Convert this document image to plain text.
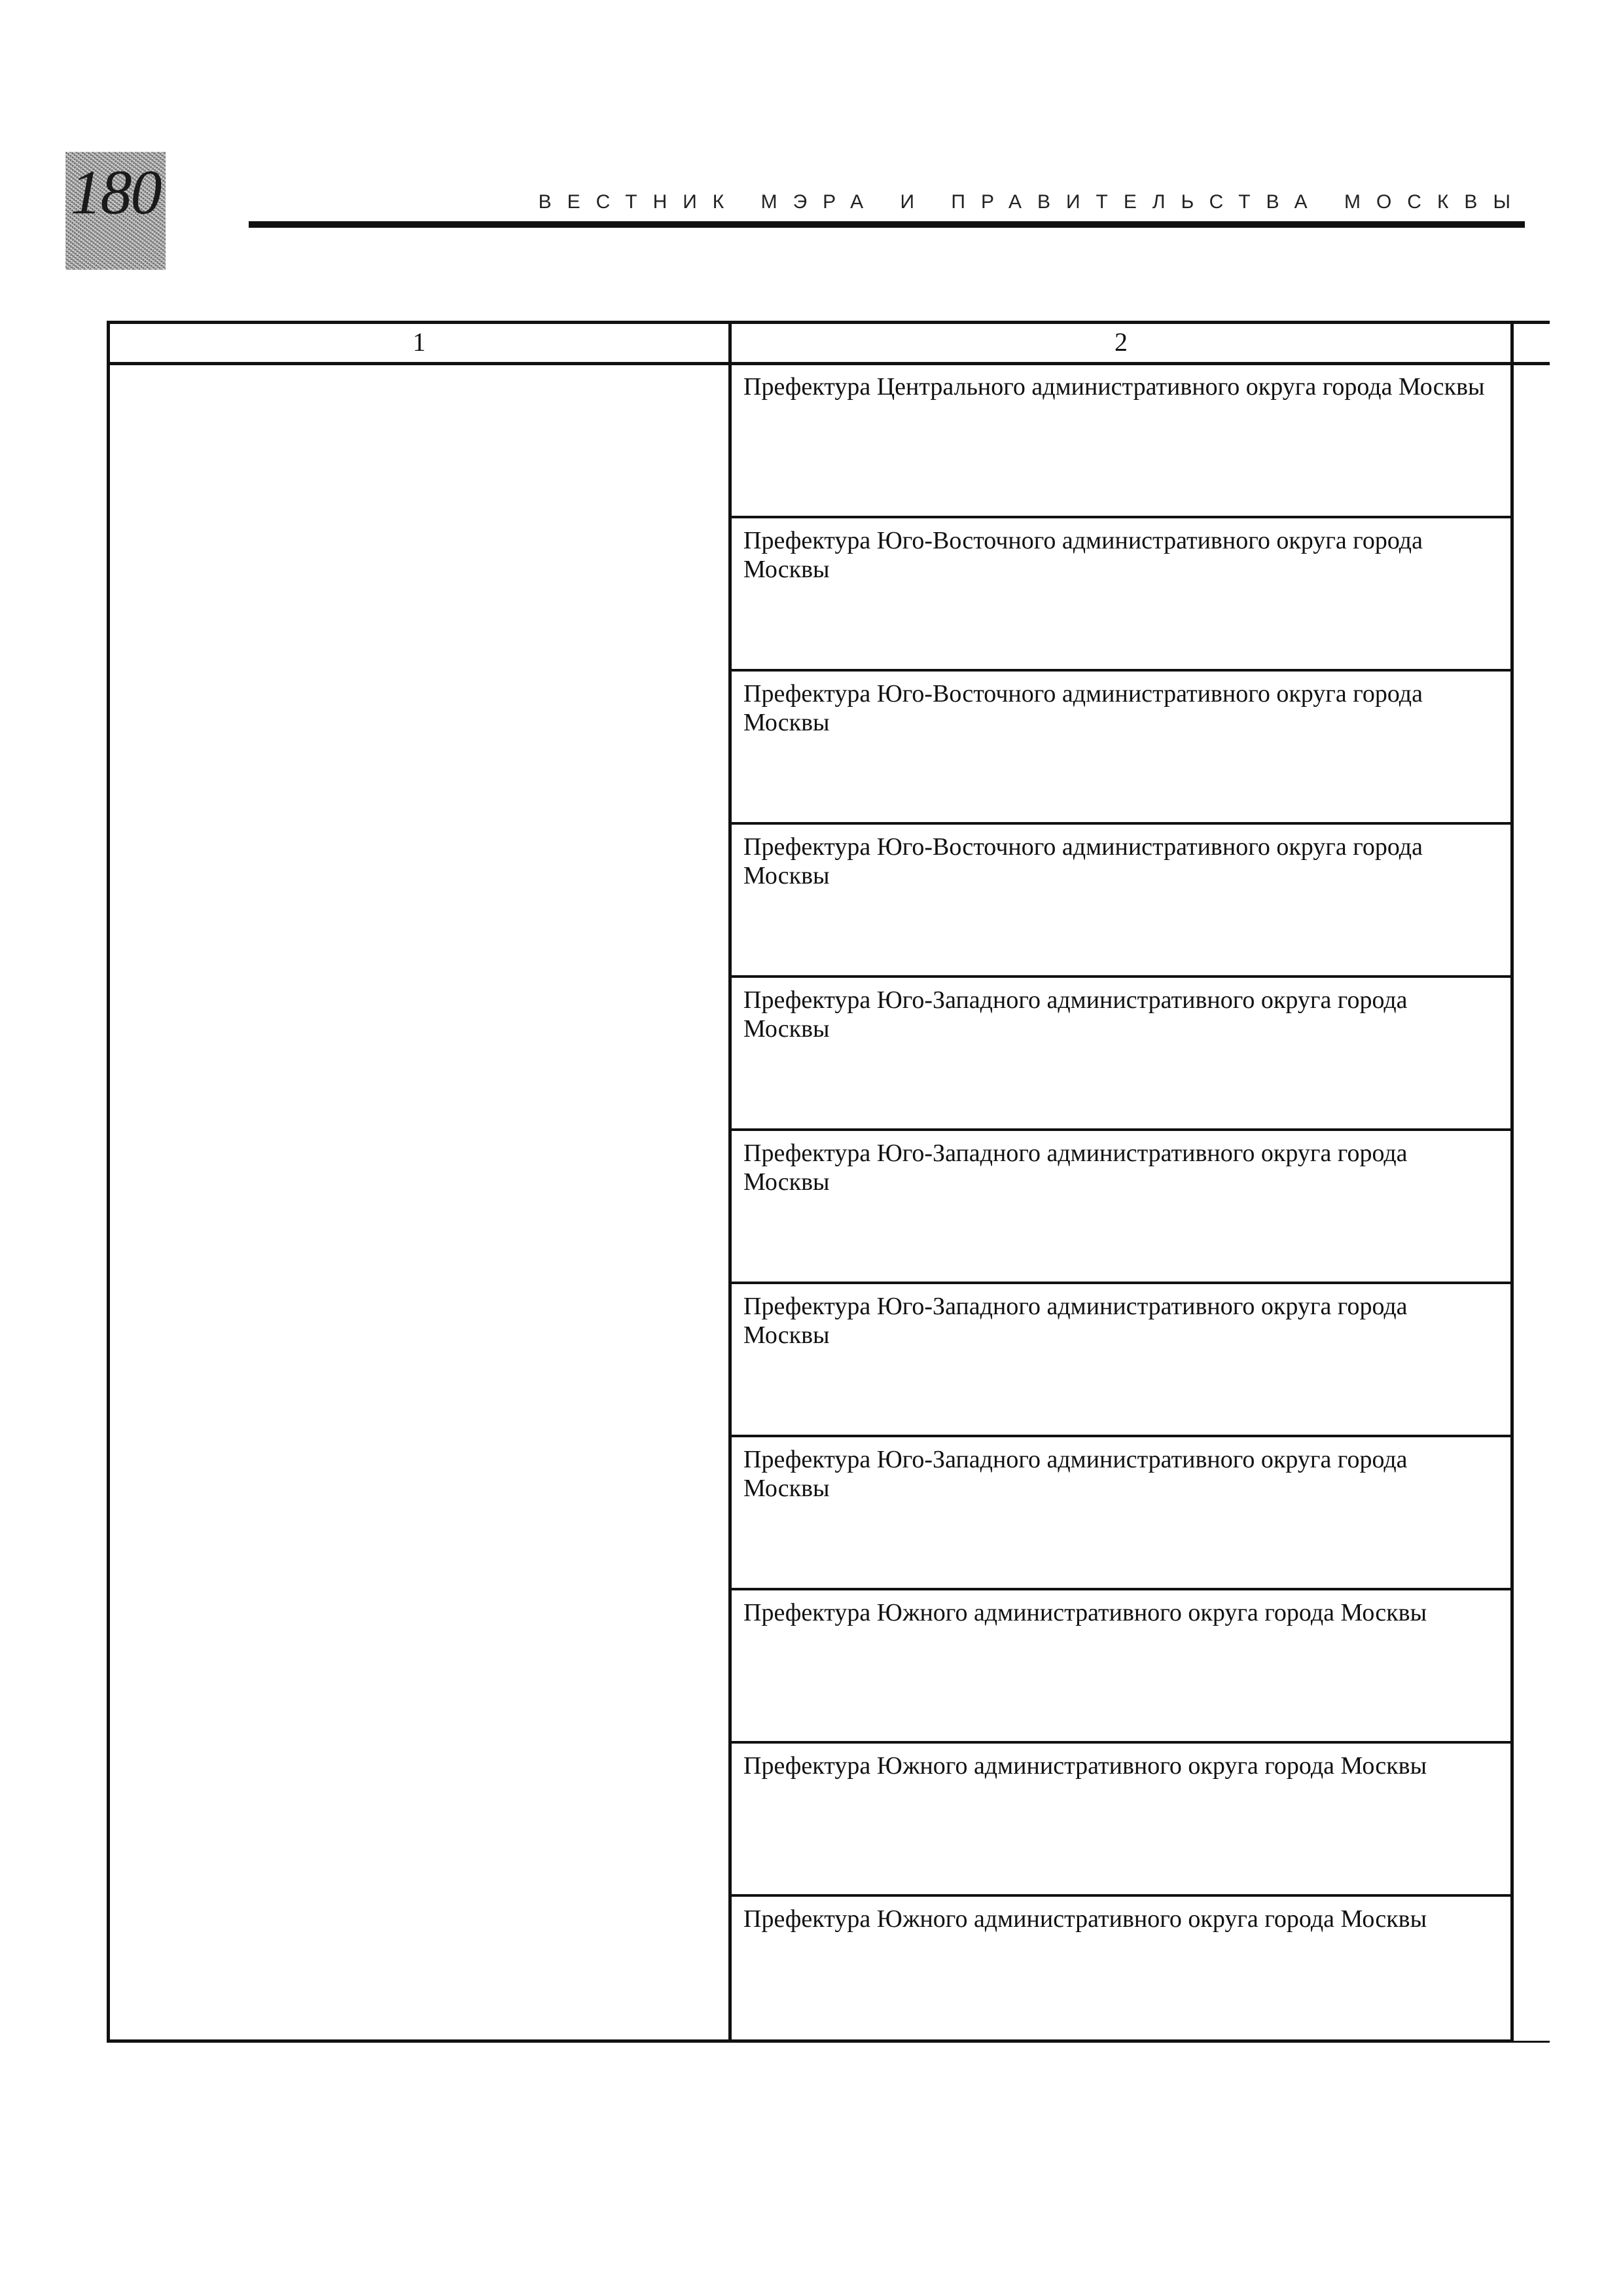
180	ВЕСТНИК МЭРА И ПРАВИТЕЛЬСТВА МОСКВЫ
1	2
Префектура Центрального административного округа города Москвы
Префектура Юго-Восточного административного округа города Москвы
Префектура Юго-Восточного административного округа города Москвы
Префектура Юго-Восточного административного округа города Москвы
Префектура Юго-Западного административного округа города Москвы
Префектура Юго-Западного административного округа города Москвы
Префектура Юго-Западного административного округа города Москвы
Префектура Юго-Западного административного округа города Москвы
Префектура Южного административного округа города Москвы
Префектура Южного административного округа города Москвы
Префектура Южного административного округа города Москвы
